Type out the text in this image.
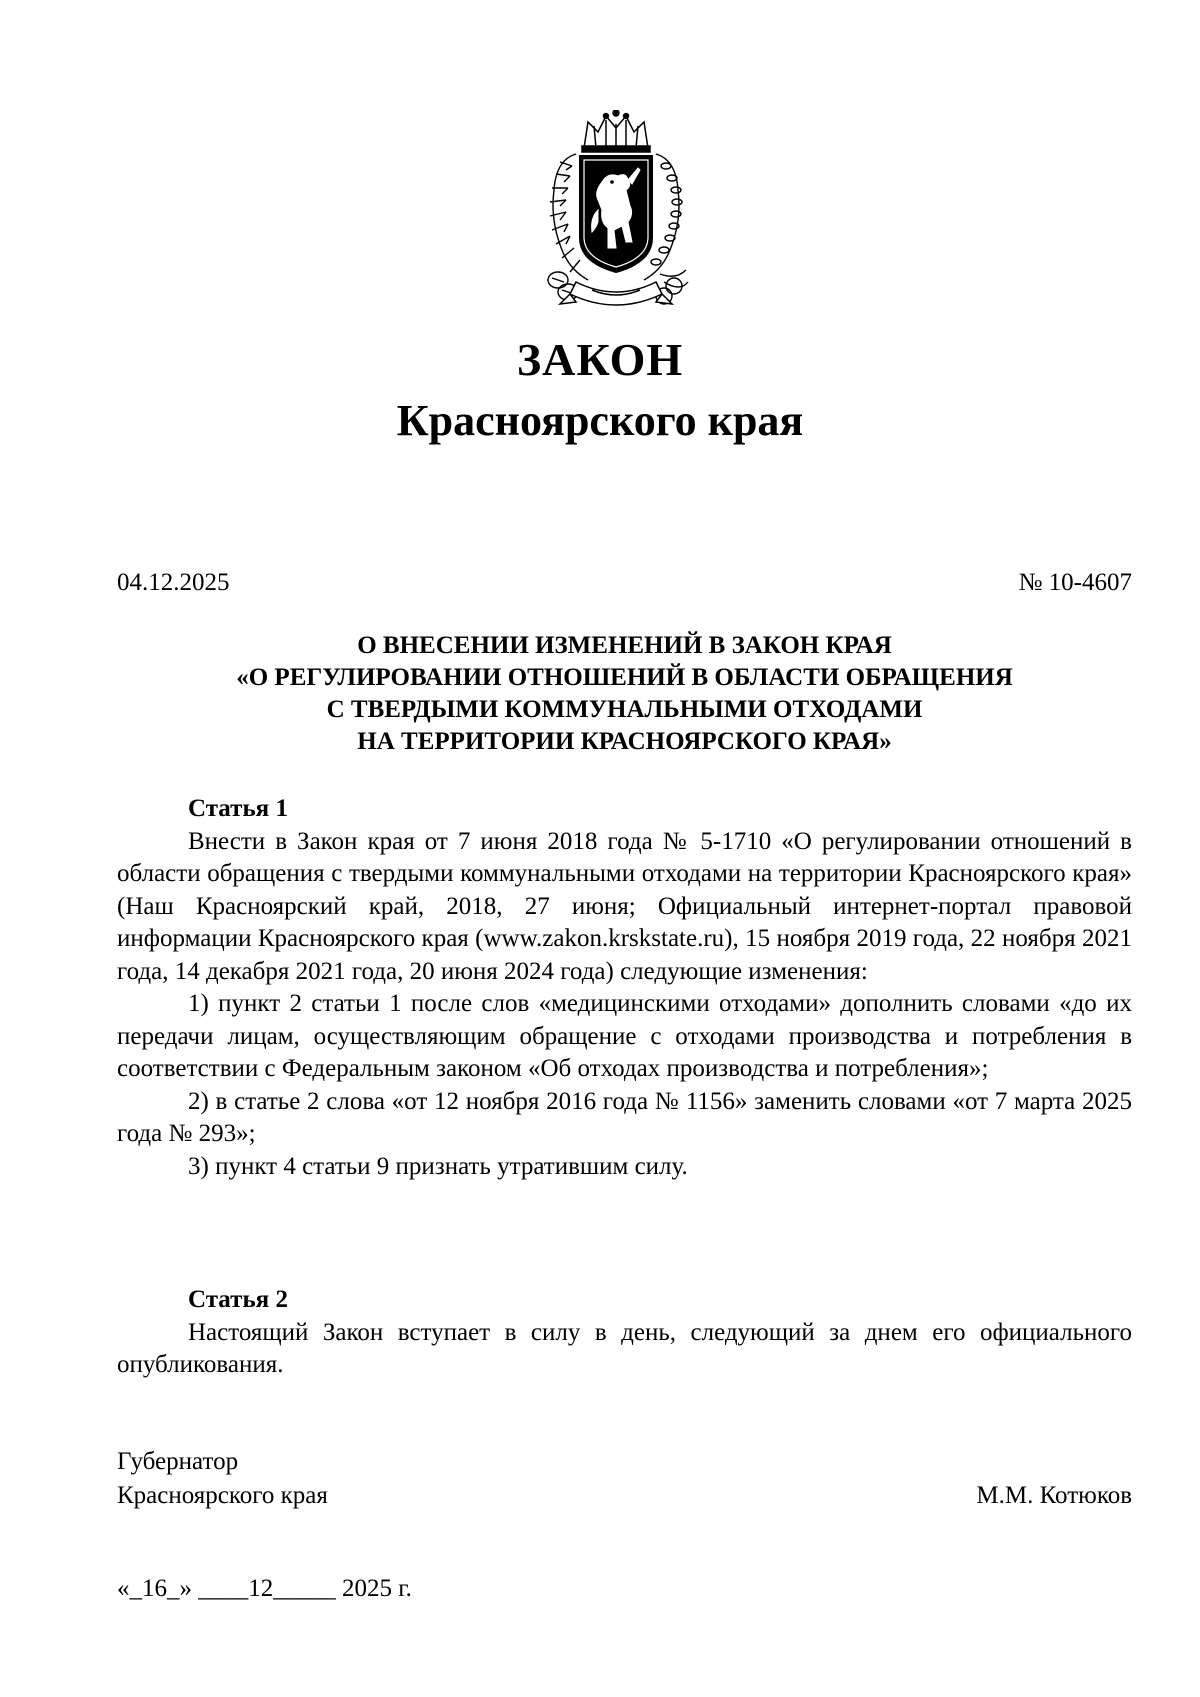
ЗАКОН
Красноярского края
04.12.2025	№ 10-4607
О ВНЕСЕНИИ ИЗМЕНЕНИЙ В ЗАКОН КРАЯ
«О РЕГУЛИРОВАНИИ ОТНОШЕНИЙ В ОБЛАСТИ ОБРАЩЕНИЯ
С ТВЕРДЫМИ КОММУНАЛЬНЫМИ ОТХОДАМИ
НА ТЕРРИТОРИИ КРАСНОЯРСКОГО КРАЯ»

Статья 1

Внести в Закон края от 7 июня 2018 года № 5-1710 «О регулировании отношений в области обращения с твердыми коммунальными отходами на территории Красноярского края» (Наш Красноярский край, 2018, 27 июня; Официальный интернет-портал правовой информации Красноярского края (www.zakon.krskstate.ru), 15 ноября 2019 года, 22 ноября 2021 года, 14 декабря 2021 года, 20 июня 2024 года) следующие изменения:

1) пункт 2 статьи 1 после слов «медицинскими отходами» дополнить словами «до их передачи лицам, осуществляющим обращение с отходами производства и потребления в соответствии с Федеральным законом «Об отходах производства и потребления»;

2) в статье 2 слова «от 12 ноября 2016 года № 1156» заменить словами «от 7 марта 2025 года № 293»;

3) пункт 4 статьи 9 признать утратившим силу.

Статья 2

Настоящий Закон вступает в силу в день, следующий за днем его официального опубликования.

Губернатор
Красноярского края	М.М. Котюков
«_16_» ____12_____ 2025 г.
